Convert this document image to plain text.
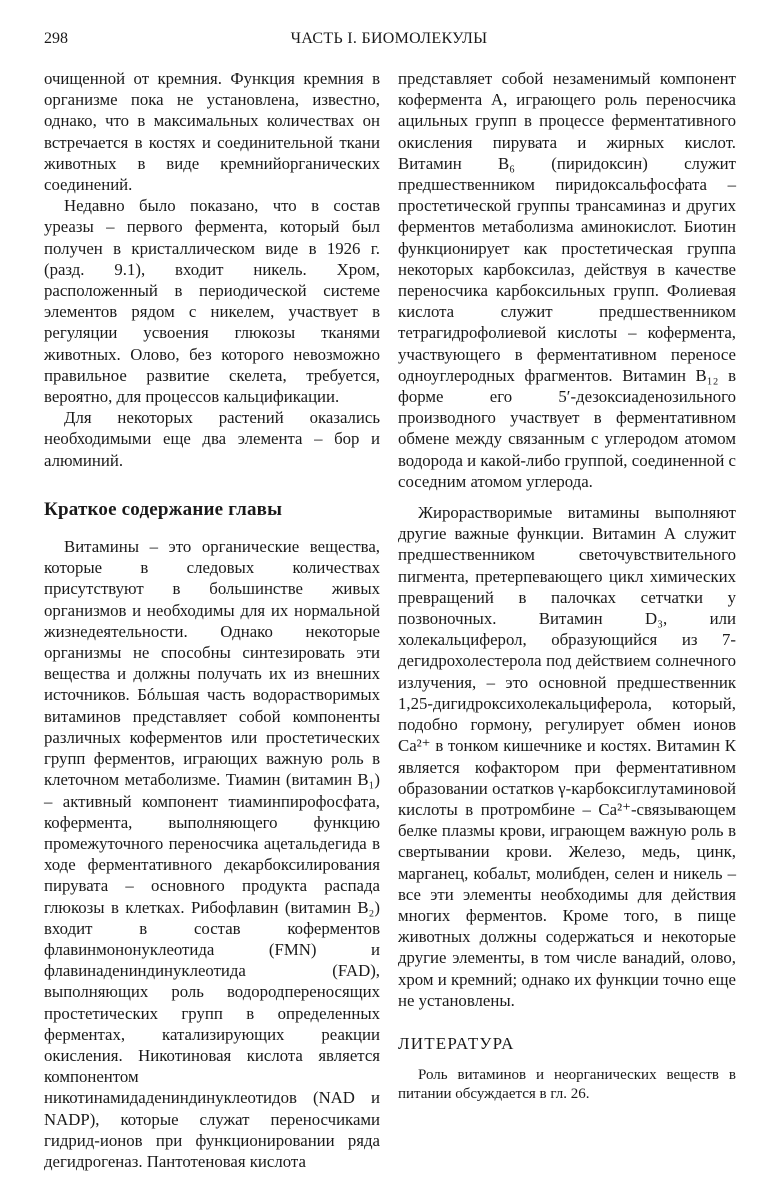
298	ЧАСТЬ I. БИОМОЛЕКУЛЫ

очищенной от кремния. Функция кремния в организме пока не установлена, известно, однако, что в максимальных количествах он встречается в костях и соединительной ткани животных в виде кремнийорганических соединений.

Недавно было показано, что в состав уреазы – первого фермента, который был получен в кристаллическом виде в 1926 г. (разд. 9.1), входит никель. Хром, расположенный в периодической системе элементов рядом с никелем, участвует в регуляции усвоения глюкозы тканями животных. Олово, без которого невозможно правильное развитие скелета, требуется, вероятно, для процессов кальцификации.

Для некоторых растений оказались необходимыми еще два элемента – бор и алюминий.

Краткое содержание главы

Витамины – это органические вещества, которые в следовых количествах присутствуют в большинстве живых организмов и необходимы для их нормальной жизнедеятельности. Однако некоторые организмы не способны синтезировать эти вещества и должны получать их из внешних источников. Бóльшая часть водорастворимых витаминов представляет собой компоненты различных коферментов или простетических групп ферментов, играющих важную роль в клеточном метаболизме. Тиамин (витамин B₁) – активный компонент тиаминпирофосфата, кофермента, выполняющего функцию промежуточного переносчика ацетальдегида в ходе ферментативного декарбоксилирования пирувата – основного продукта распада глюкозы в клетках. Рибофлавин (витамин B₂) входит в состав коферментов флавинмононуклеотида (FMN) и флавинадениндинуклеотида (FAD), выполняющих роль водородпереносящих простетических групп в определенных ферментах, катализирующих реакции окисления. Никотиновая кислота является компонентом никотинамидадениндинуклеотидов (NAD и NADP), которые служат переносчиками гидрид-ионов при функционировании ряда дегидрогеназ. Пантотеновая кислота

представляет собой незаменимый компонент кофермента А, играющего роль переносчика ацильных групп в процессе ферментативного окисления пирувата и жирных кислот. Витамин B₆ (пиридоксин) служит предшественником пиридоксальфосфата – простетической группы трансаминаз и других ферментов метаболизма аминокислот. Биотин функционирует как простетическая группа некоторых карбоксилаз, действуя в качестве переносчика карбоксильных групп. Фолиевая кислота служит предшественником тетрагидрофолиевой кислоты – кофермента, участвующего в ферментативном переносе одноуглеродных фрагментов. Витамин B₁₂ в форме его 5′-дезоксиаденозильного производного участвует в ферментативном обмене между связанным с углеродом атомом водорода и какой-либо группой, соединенной с соседним атомом углерода.

Жирорастворимые витамины выполняют другие важные функции. Витамин А служит предшественником светочувствительного пигмента, претерпевающего цикл химических превращений в палочках сетчатки у позвоночных. Витамин D₃, или холекальциферол, образующийся из 7-дегидрохолестерола под действием солнечного излучения, – это основной предшественник 1,25-дигидроксихолекальциферола, который, подобно гормону, регулирует обмен ионов Ca²⁺ в тонком кишечнике и костях. Витамин К является кофактором при ферментативном образовании остатков γ-карбоксиглутаминовой кислоты в протромбине – Ca²⁺-связывающем белке плазмы крови, играющем важную роль в свертывании крови. Железо, медь, цинк, марганец, кобальт, молибден, селен и никель – все эти элементы необходимы для действия многих ферментов. Кроме того, в пище животных должны содержаться и некоторые другие элементы, в том числе ванадий, олово, хром и кремний; однако их функции точно еще не установлены.

ЛИТЕРАТУРА

Роль витаминов и неорганических веществ в питании обсуждается в гл. 26.
